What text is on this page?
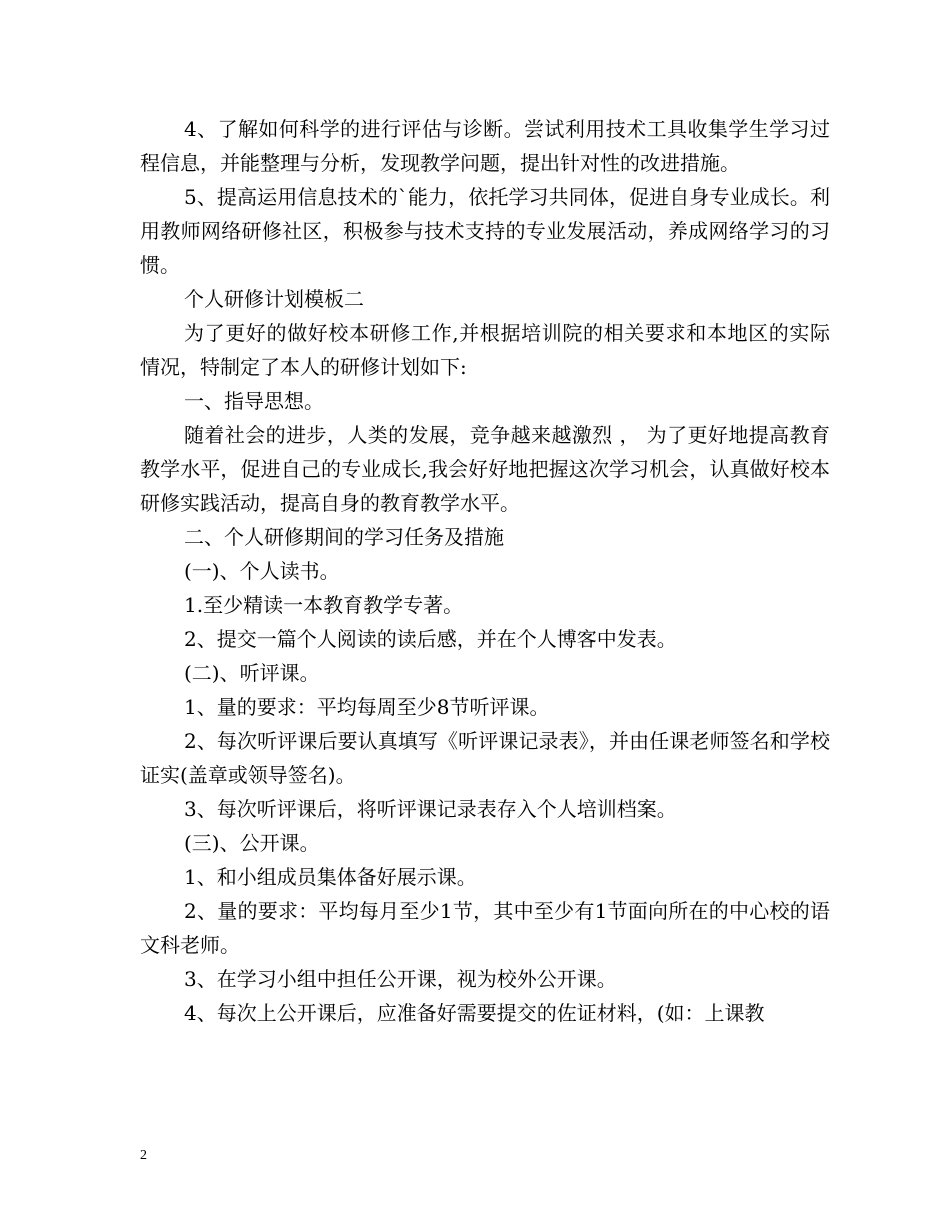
4、了解如何科学的进行评估与诊断。尝试利用技术工具收集学生学习过程信息，并能整理与分析，发现教学问题，提出针对性的改进措施。

5、提高运用信息技术的`能力，依托学习共同体，促进自身专业成长。利用教师网络研修社区，积极参与技术支持的专业发展活动，养成网络学习的习惯。

个人研修计划模板二

为了更好的做好校本研修工作,并根据培训院的相关要求和本地区的实际情况，特制定了本人的研修计划如下:

一、指导思想。

随着社会的进步，人类的发展，竞争越来越激烈 ， 为了更好地提高教育教学水平，促进自己的专业成长,我会好好地把握这次学习机会，认真做好校本研修实践活动，提高自身的教育教学水平。

二、个人研修期间的学习任务及措施

(一)、个人读书。

1.至少精读一本教育教学专著。

2、提交一篇个人阅读的读后感，并在个人博客中发表。

(二)、听评课。

1、量的要求：平均每周至少8节听评课。

2、每次听评课后要认真填写《听评课记录表》，并由任课老师签名和学校证实(盖章或领导签名)。

3、每次听评课后，将听评课记录表存入个人培训档案。

(三)、公开课。

1、和小组成员集体备好展示课。

2、量的要求：平均每月至少1节，其中至少有1节面向所在的中心校的语文科老师。

3、在学习小组中担任公开课，视为校外公开课。

4、每次上公开课后，应准备好需要提交的佐证材料，(如：上课教

2
